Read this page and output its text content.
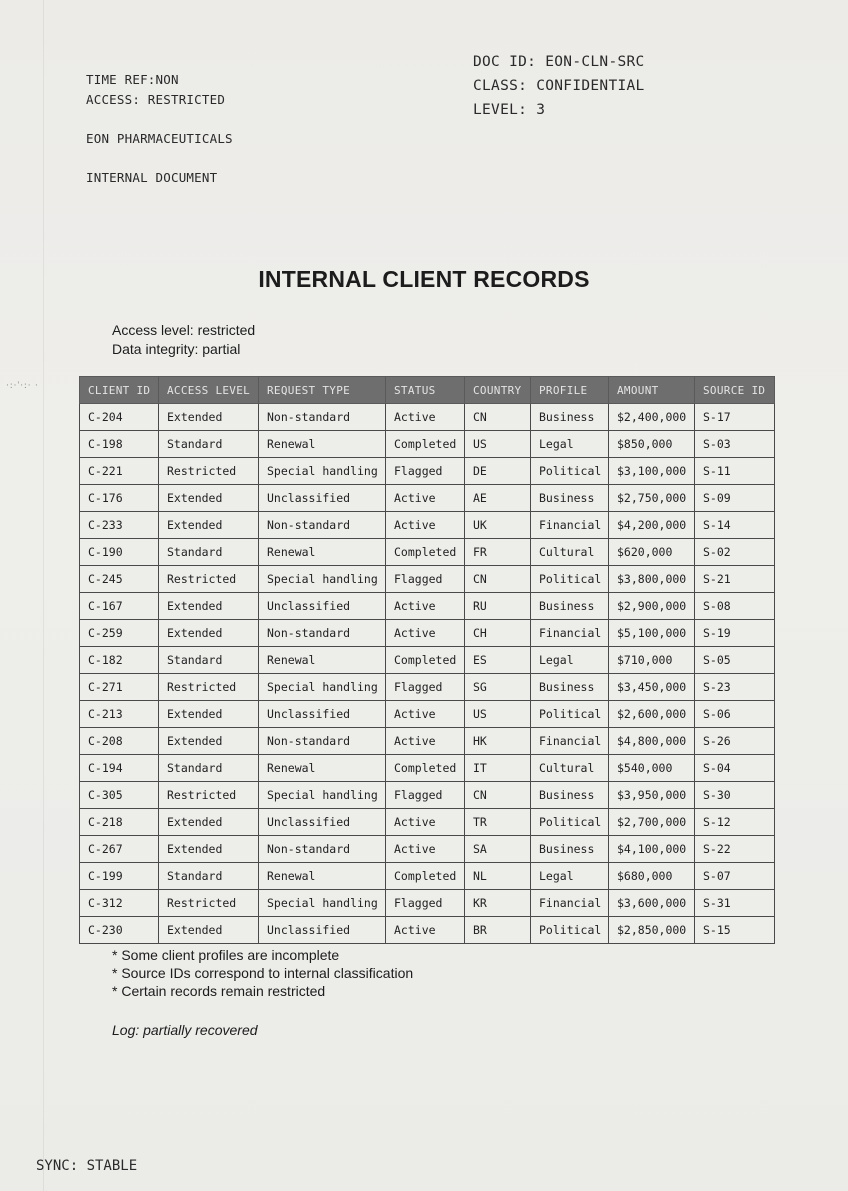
TIME REF:NON
ACCESS: RESTRICTED
EON PHARMACEUTICALS
INTERNAL DOCUMENT
DOC ID: EON-CLN-SRC
CLASS: CONFIDENTIAL
LEVEL: 3
INTERNAL CLIENT RECORDS
Access level: restricted
Data integrity: partial
·:·'·:· ·	CLIENT ID	ACCESS LEVEL	REQUEST TYPE	STATUS	COUNTRY	PROFILE	AMOUNT	SOURCE ID
C-204	Extended	Non-standard	Active	CN	Business	$2,400,000	S-17
C-198	Standard	Renewal	Completed	US	Legal	$850,000	S-03
C-221	Restricted	Special handling	Flagged	DE	Political	$3,100,000	S-11
C-176	Extended	Unclassified	Active	AE	Business	$2,750,000	S-09
C-233	Extended	Non-standard	Active	UK	Financial	$4,200,000	S-14
C-190	Standard	Renewal	Completed	FR	Cultural	$620,000	S-02
C-245	Restricted	Special handling	Flagged	CN	Political	$3,800,000	S-21
C-167	Extended	Unclassified	Active	RU	Business	$2,900,000	S-08
C-259	Extended	Non-standard	Active	CH	Financial	$5,100,000	S-19
C-182	Standard	Renewal	Completed	ES	Legal	$710,000	S-05
C-271	Restricted	Special handling	Flagged	SG	Business	$3,450,000	S-23
C-213	Extended	Unclassified	Active	US	Political	$2,600,000	S-06
C-208	Extended	Non-standard	Active	HK	Financial	$4,800,000	S-26
C-194	Standard	Renewal	Completed	IT	Cultural	$540,000	S-04
C-305	Restricted	Special handling	Flagged	CN	Business	$3,950,000	S-30
C-218	Extended	Unclassified	Active	TR	Political	$2,700,000	S-12
C-267	Extended	Non-standard	Active	SA	Business	$4,100,000	S-22
C-199	Standard	Renewal	Completed	NL	Legal	$680,000	S-07
C-312	Restricted	Special handling	Flagged	KR	Financial	$3,600,000	S-31
C-230	Extended	Unclassified	Active	BR	Political	$2,850,000	S-15
* Some client profiles are incomplete
* Source IDs correspond to internal classification
* Certain records remain restricted
Log: partially recovered
SYNC: STABLE
